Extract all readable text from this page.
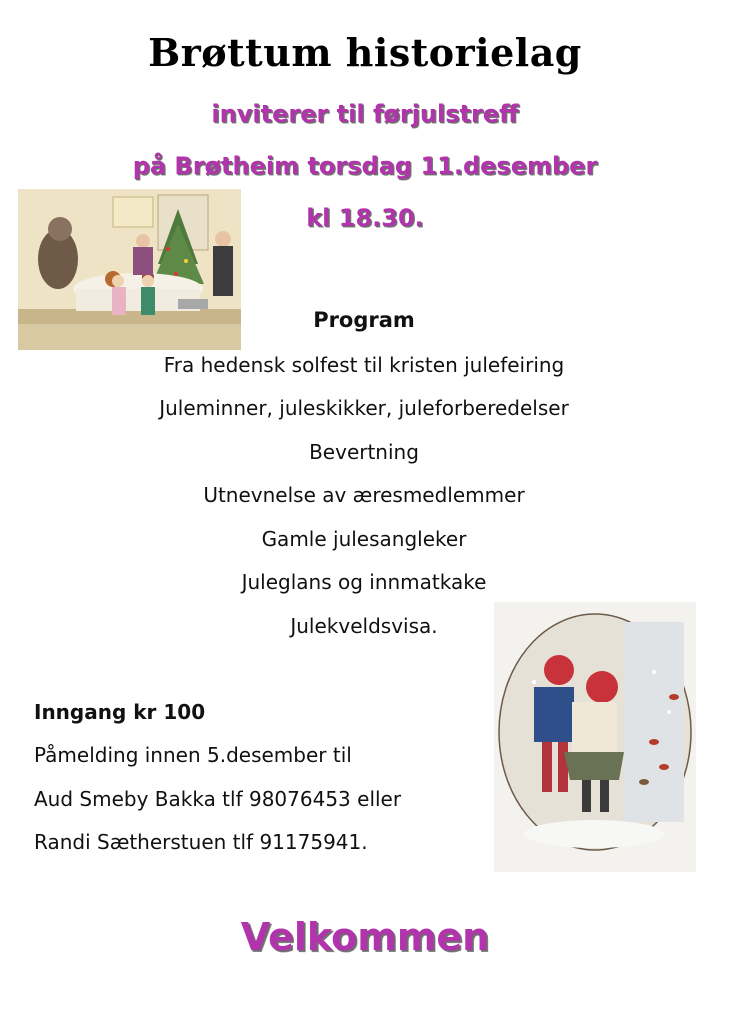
Brøttum historielag
inviterer til førjulstreff
på Brøtheim torsdag 11.desember
kl 18.30.
Program
Fra hedensk solfest til kristen julefeiring
Juleminner, juleskikker, juleforberedelser
Bevertning
Utnevnelse av æresmedlemmer
Gamle julesangleker
Juleglans og innmatkake
Julekveldsvisa.
Inngang kr 100
Påmelding innen 5.desember til
Aud Smeby Bakka tlf 98076453 eller
Randi Sætherstuen tlf 91175941.
Velkommen
